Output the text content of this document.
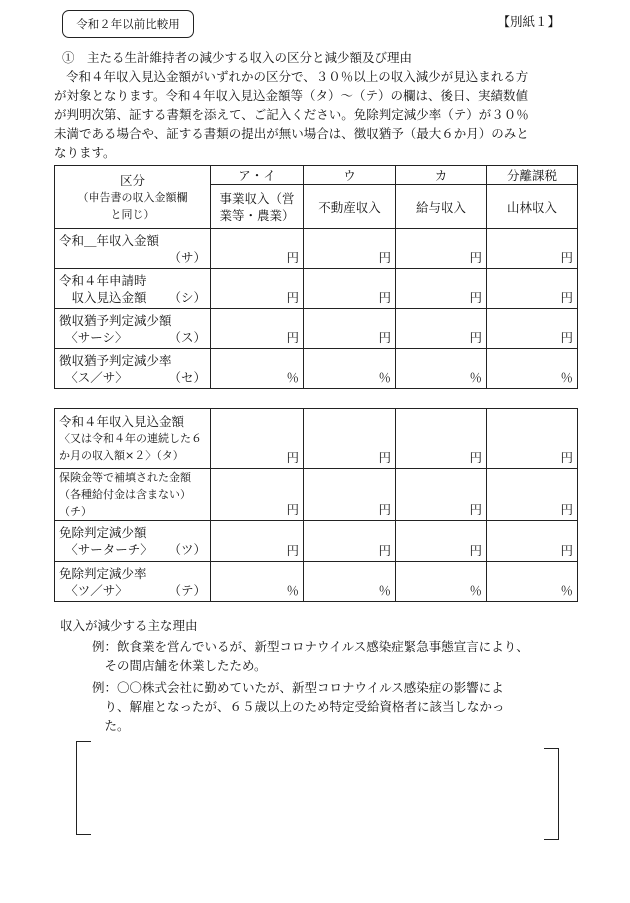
令和２年以前比較用	【別紙１】
①　主たる生計維持者の減少する収入の区分と減少額及び理由
令和４年収入見込金額がいずれかの区分で、３０％以上の収入減少が見込まれる方
が対象となります。令和４年収入見込金額等（タ）～（テ）の欄は、後日、実績数値
が判明次第、証する書類を添えて、ご記入ください。免除判定減少率（テ）が３０％
未満である場合や、証する書類の提出が無い場合は、徴収猶予（最大６か月）のみと
なります。
区分
（申告書の収入金額欄
と同じ）	ア・イ	ウ	カ	分離課税

	事業収入（営
業等・農業）	不動産収入	給与収入	山林収入

令和＿年収入金額
（サ）	円	円	円	円

令和４年申請時
　収入見込金額 （シ）	円	円	円	円

徴収猶予判定減少額
　〈サーシ〉 （ス）	円	円	円	円

徴収猶予判定減少率
　〈ス／サ〉 （セ）	％	％	％	％
令和４年収入見込金額
〈又は令和４年の連続した６
か月の収入額×２〉（タ）	円	円	円	円

保険金等で補填された金額
（各種給付金は含まない）（チ）	円	円	円	円

免除判定減少額
　〈サーターチ〉 （ツ）	円	円	円	円

免除判定減少率
　〈ツ／サ〉 （テ）	％	％	％	％
収入が減少する主な理由
例：飲食業を営んでいるが、新型コロナウイルス感染症緊急事態宣言により、
　その間店舗を休業したため。
例：〇〇株式会社に勤めていたが、新型コロナウイルス感染症の影響によ
　り、解雇となったが、６５歳以上のため特定受給資格者に該当しなかっ
　た。
